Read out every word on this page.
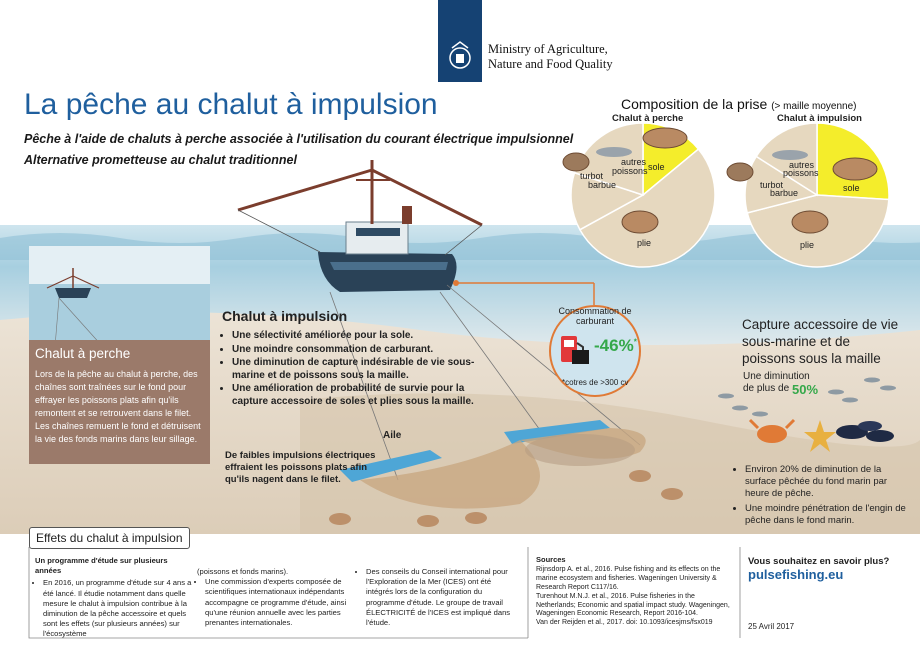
Chalut à perche
Lors de la pêche au chalut à perche, des chaînes sont traînées sur le fond pour effrayer les poissons plats afin qu'ils remontent et se retrouvent dans le filet. Les chaînes remuent le fond et détruisent la vie des fonds marins dans leur sillage.
Ministry of Agriculture,
Nature and Food Quality
La pêche au chalut à impulsion
Pêche à l'aide de chaluts à perche associée à l'utilisation du courant électrique impulsionnel
Alternative prometteuse au chalut traditionnel
Composition de la prise (> maille moyenne)
Chalut à perche	Chalut à impulsion
sole
autres
poissons
turbot
barbue
plie
sole
autres
poissons
turbot
barbue
plie
Chalut à impulsion
• Une sélectivité améliorée pour la sole.
• Une moindre consommation de carburant.
• Une diminution de capture indésirable de vie sous-marine et de poissons sous la maille.
• Une amélioration de probabilité de survie pour la capture accessoire de soles et plies sous la maille.
Consommation de carburant
-46%*
*cotres de >300 cv
Capture accessoire de vie sous-marine et de poissons sous la maille
Une diminution de plus de 50%
• Environ 20% de diminution de la surface pêchée du fond marin par heure de pêche.
• Une moindre pénétration de l'engin de pêche dans le fond marin.
Aile
De faibles impulsions électriques effraient les poissons plats afin qu'ils nagent dans le filet.
Effets du chalut à impulsion
Un programme d'étude sur plusieurs années
• En 2016, un programme d'étude sur 4 ans a été lancé. Il étudie notamment dans quelle mesure le chalut à impulsion contribue à la diminution de la pêche accessoire et quels sont les effets (sur plusieurs années) sur l'écosystème

(poissons et fonds marins).

• Une commission d'experts composée de scientifiques internationaux indépendants accompagne ce programme d'étude, ainsi qu'une réunion annuelle avec les parties prenantes internationales.
• Des conseils du Conseil international pour l'Exploration de la Mer (ICES) ont été intégrés lors de la configuration du programme d'étude. Le groupe de travail ÉLECTRICITÉ de l'ICES est impliqué dans l'étude.
Sources

Rijnsdorp A. et al., 2016. Pulse fishing and its effects on the marine ecosystem and fisheries. Wageningen University & Research Report C117/16.

Turenhout M.N.J. et al., 2016. Pulse fisheries in the Netherlands; Economic and spatial impact study. Wageningen, Wageningen Economic Research, Report 2016-104.

Van der Reijden et al., 2017. doi: 10.1093/icesjms/fsx019

Vous souhaitez en savoir plus?
pulsefishing.eu
25 Avril 2017
